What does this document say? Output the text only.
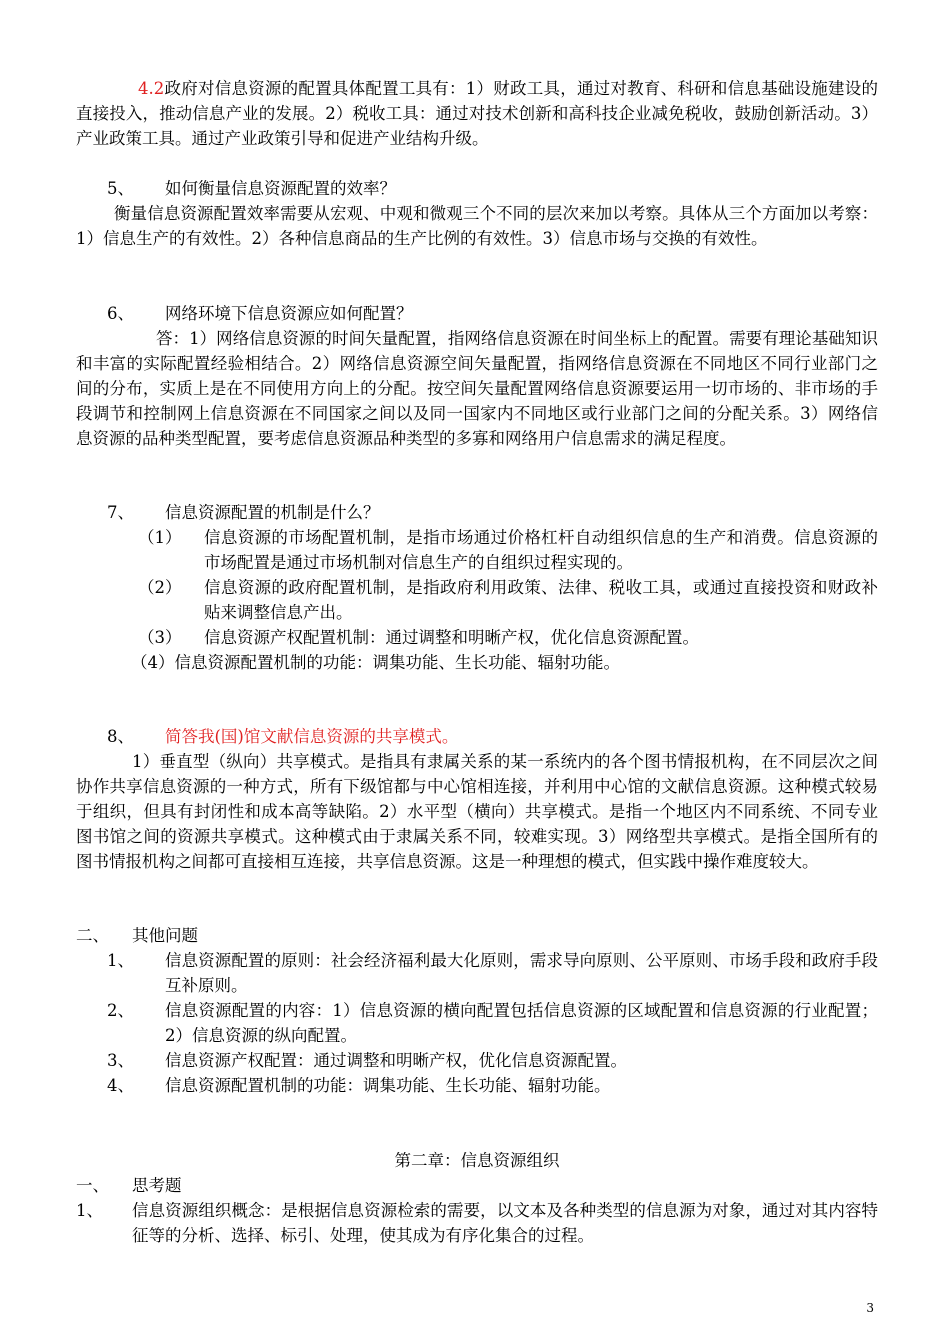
4.2政府对信息资源的配置具体配置工具有：1）财政工具，通过对教育、科研和信息基础设施建设的直接投入，推动信息产业的发展。2）税收工具：通过对技术创新和高科技企业减免税收，鼓励创新活动。3）产业政策工具。通过产业政策引导和促进产业结构升级。

5、	如何衡量信息资源配置的效率？

衡量信息资源配置效率需要从宏观、中观和微观三个不同的层次来加以考察。具体从三个方面加以考察：1）信息生产的有效性。2）各种信息商品的生产比例的有效性。3）信息市场与交换的有效性。

6、	网络环境下信息资源应如何配置？

答：1）网络信息资源的时间矢量配置，指网络信息资源在时间坐标上的配置。需要有理论基础知识和丰富的实际配置经验相结合。2）网络信息资源空间矢量配置，指网络信息资源在不同地区不同行业部门之间的分布，实质上是在不同使用方向上的分配。按空间矢量配置网络信息资源要运用一切市场的、非市场的手段调节和控制网上信息资源在不同国家之间以及同一国家内不同地区或行业部门之间的分配关系。3）网络信息资源的品种类型配置，要考虑信息资源品种类型的多寡和网络用户信息需求的满足程度。

7、	信息资源配置的机制是什么？
（1）	信息资源的市场配置机制，是指市场通过价格杠杆自动组织信息的生产和消费。信息资源的市场配置是通过市场机制对信息生产的自组织过程实现的。
（2）	信息资源的政府配置机制，是指政府利用政策、法律、税收工具，或通过直接投资和财政补贴来调整信息产出。
（3）	信息资源产权配置机制：通过调整和明晰产权，优化信息资源配置。

（4）信息资源配置机制的功能：调集功能、生长功能、辐射功能。

8、	简答我(国)馆文献信息资源的共享模式。

1）垂直型（纵向）共享模式。是指具有隶属关系的某一系统内的各个图书情报机构，在不同层次之间协作共享信息资源的一种方式，所有下级馆都与中心馆相连接，并利用中心馆的文献信息资源。这种模式较易于组织，但具有封闭性和成本高等缺陷。2）水平型（横向）共享模式。是指一个地区内不同系统、不同专业图书馆之间的资源共享模式。这种模式由于隶属关系不同，较难实现。3）网络型共享模式。是指全国所有的图书情报机构之间都可直接相互连接，共享信息资源。这是一种理想的模式，但实践中操作难度较大。

二、	其他问题
1、	信息资源配置的原则：社会经济福利最大化原则，需求导向原则、公平原则、市场手段和政府手段互补原则。
2、	信息资源配置的内容：1）信息资源的横向配置包括信息资源的区域配置和信息资源的行业配置；2）信息资源的纵向配置。
3、	信息资源产权配置：通过调整和明晰产权，优化信息资源配置。
4、	信息资源配置机制的功能：调集功能、生长功能、辐射功能。
第二章：信息资源组织
一、	思考题
1、	信息资源组织概念：是根据信息资源检索的需要，以文本及各种类型的信息源为对象，通过对其内容特征等的分析、选择、标引、处理，使其成为有序化集合的过程。
3
